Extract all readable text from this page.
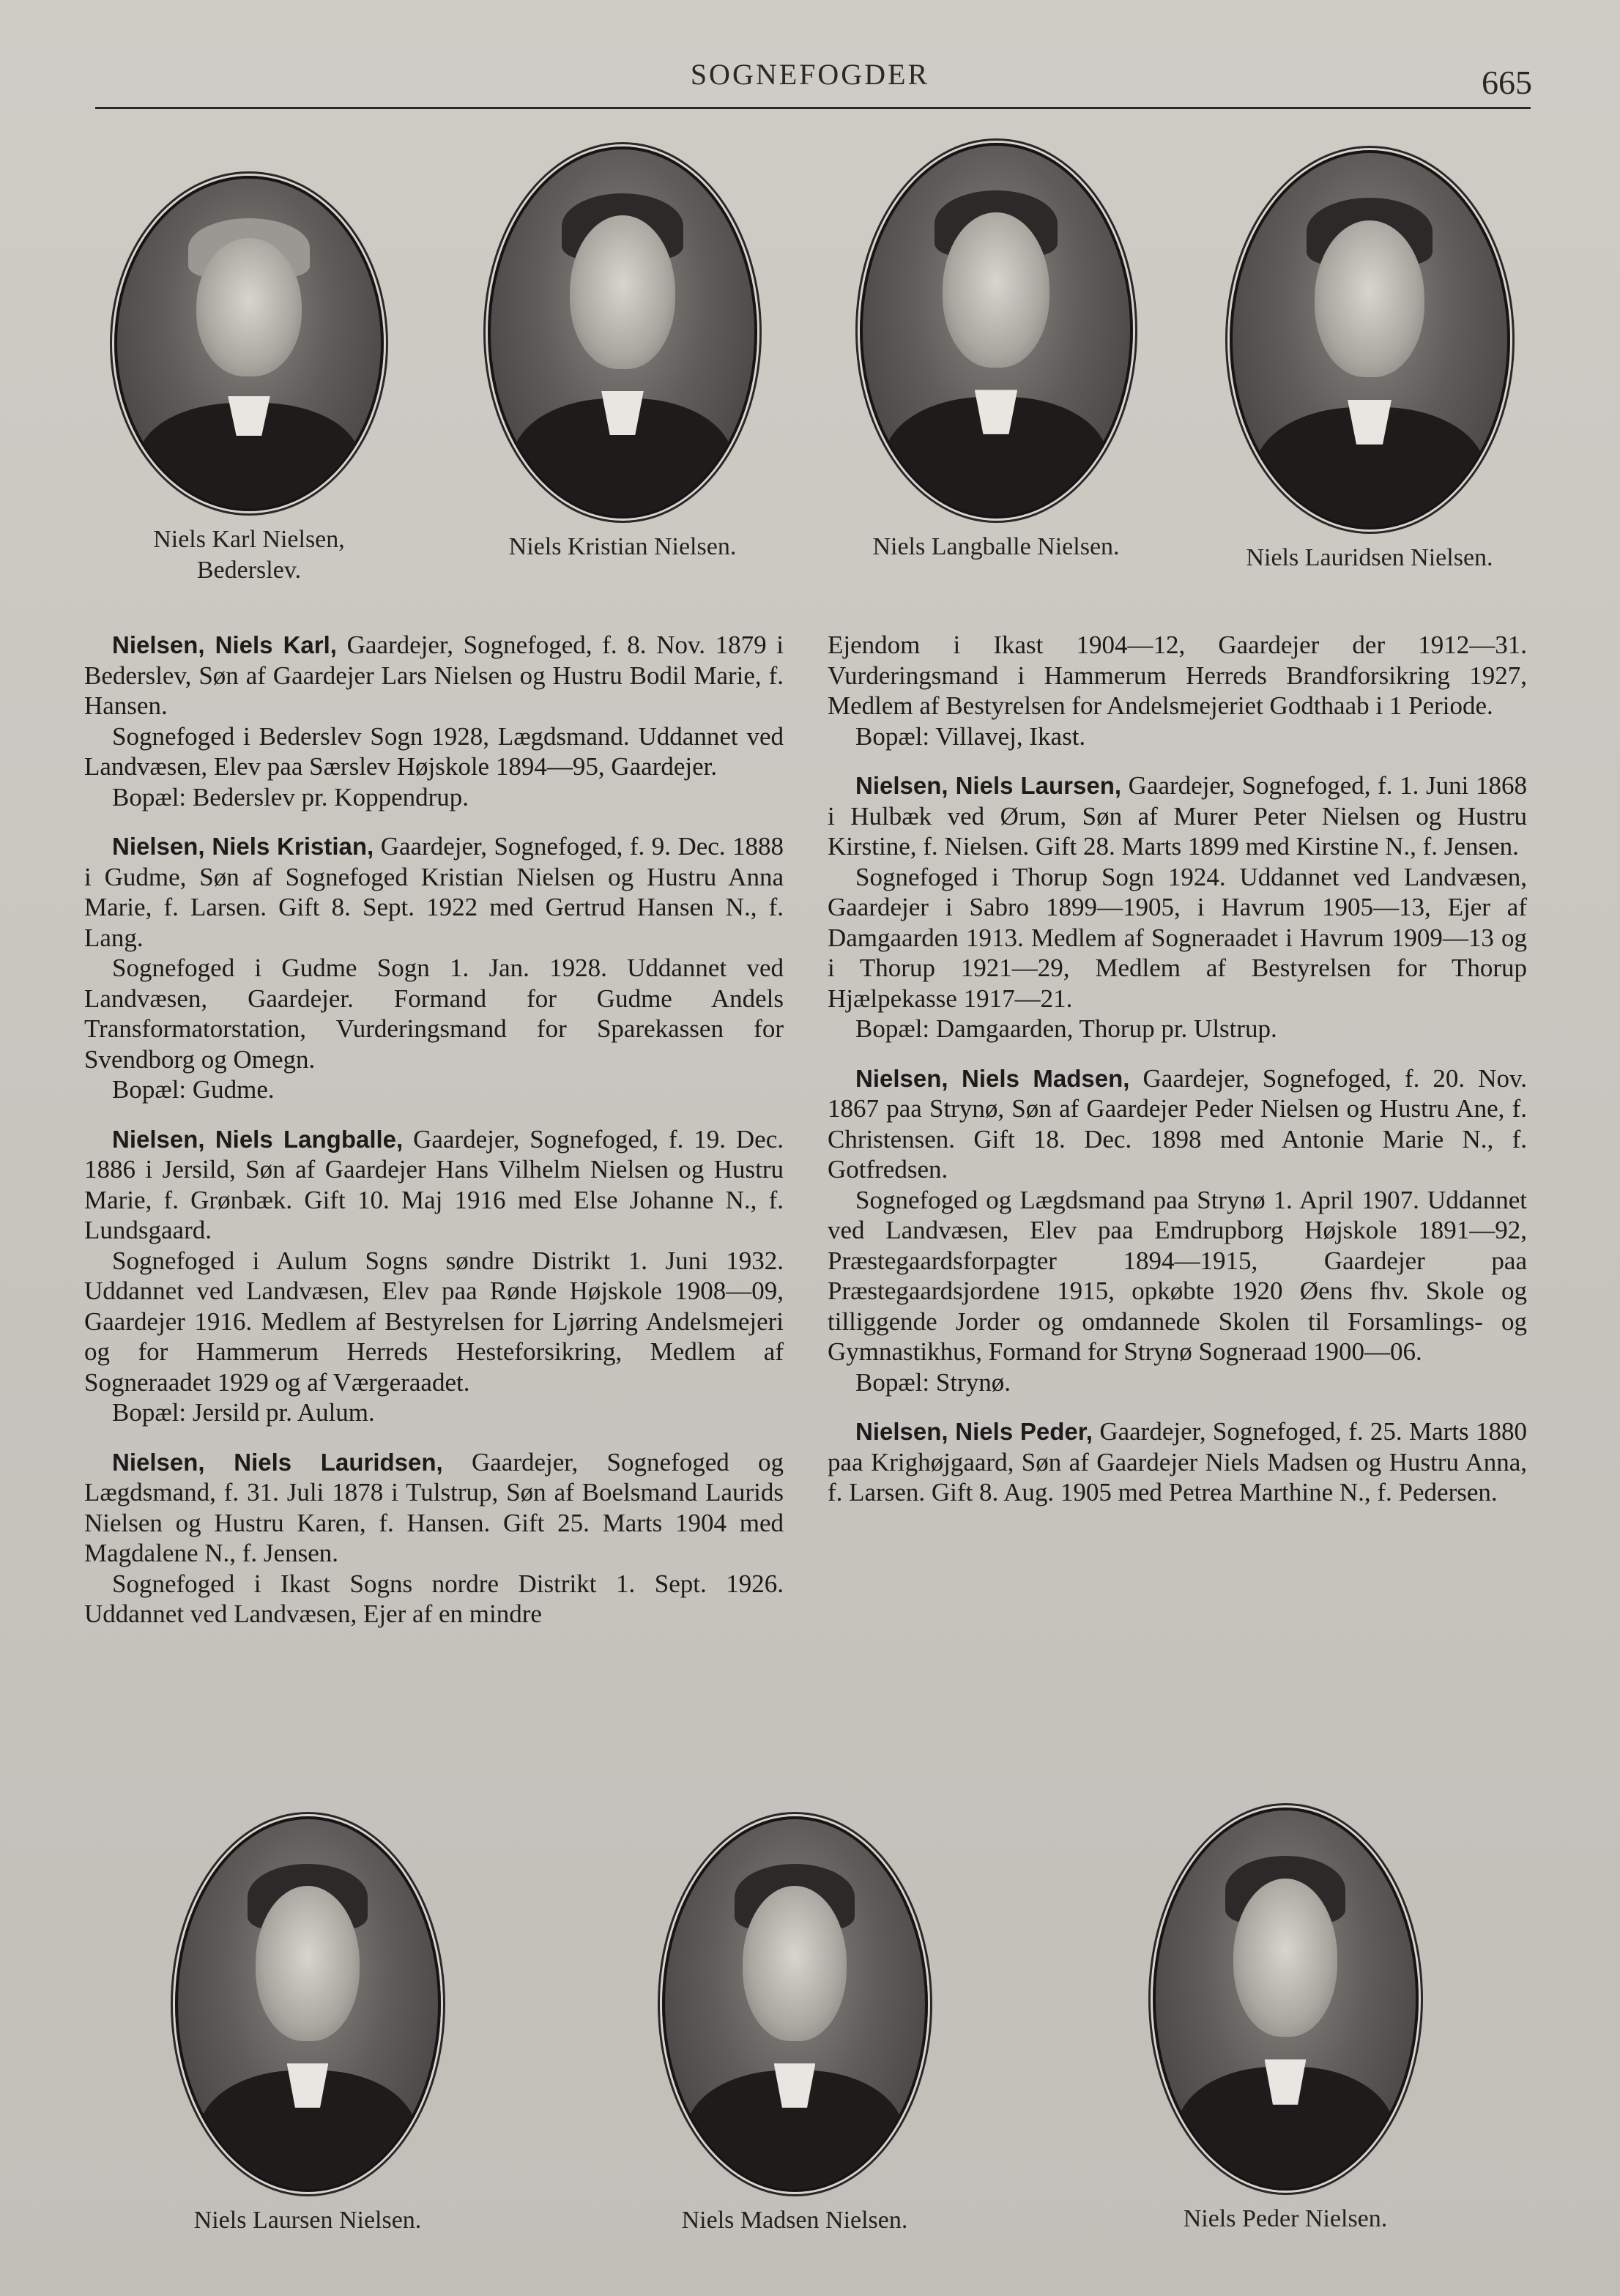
SOGNEFOGDER	665
Niels Karl Nielsen,
Bederslev.
Niels Kristian Nielsen.	Niels Langballe Nielsen.	Niels Lauridsen Nielsen.

Nielsen, Niels Karl, Gaardejer, Sognefoged, f. 8. Nov. 1879 i Bederslev, Søn af Gaardejer Lars Nielsen og Hustru Bodil Marie, f. Hansen.

Sognefoged i Bederslev Sogn 1928, Lægdsmand. Uddannet ved Landvæsen, Elev paa Særslev Højskole 1894—95, Gaardejer.

Bopæl: Bederslev pr. Koppendrup.

Nielsen, Niels Kristian, Gaardejer, Sognefoged, f. 9. Dec. 1888 i Gudme, Søn af Sognefoged Kristian Nielsen og Hustru Anna Marie, f. Larsen. Gift 8. Sept. 1922 med Gertrud Hansen N., f. Lang.

Sognefoged i Gudme Sogn 1. Jan. 1928. Uddannet ved Landvæsen, Gaardejer. Formand for Gudme Andels Transformatorstation, Vurderingsmand for Sparekassen for Svendborg og Omegn.

Bopæl: Gudme.

Nielsen, Niels Langballe, Gaardejer, Sognefoged, f. 19. Dec. 1886 i Jersild, Søn af Gaardejer Hans Vilhelm Nielsen og Hustru Marie, f. Grønbæk. Gift 10. Maj 1916 med Else Johanne N., f. Lundsgaard.

Sognefoged i Aulum Sogns søndre Distrikt 1. Juni 1932. Uddannet ved Landvæsen, Elev paa Rønde Højskole 1908—09, Gaardejer 1916. Medlem af Bestyrelsen for Ljørring Andelsmejeri og for Hammerum Herreds Hesteforsikring, Medlem af Sogneraadet 1929 og af Værgeraadet.

Bopæl: Jersild pr. Aulum.

Nielsen, Niels Lauridsen, Gaardejer, Sognefoged og Lægdsmand, f. 31. Juli 1878 i Tulstrup, Søn af Boelsmand Laurids Nielsen og Hustru Karen, f. Hansen. Gift 25. Marts 1904 med Magdalene N., f. Jensen.

Sognefoged i Ikast Sogns nordre Distrikt 1. Sept. 1926. Uddannet ved Landvæsen, Ejer af en mindre

Ejendom i Ikast 1904—12, Gaardejer der 1912—31. Vurderingsmand i Hammerum Herreds Brandforsikring 1927, Medlem af Bestyrelsen for Andelsmejeriet Godthaab i 1 Periode.

Bopæl: Villavej, Ikast.

Nielsen, Niels Laursen, Gaardejer, Sognefoged, f. 1. Juni 1868 i Hulbæk ved Ørum, Søn af Murer Peter Nielsen og Hustru Kirstine, f. Nielsen. Gift 28. Marts 1899 med Kirstine N., f. Jensen.

Sognefoged i Thorup Sogn 1924. Uddannet ved Landvæsen, Gaardejer i Sabro 1899—1905, i Havrum 1905—13, Ejer af Damgaarden 1913. Medlem af Sogneraadet i Havrum 1909—13 og i Thorup 1921—29, Medlem af Bestyrelsen for Thorup Hjælpekasse 1917—21.

Bopæl: Damgaarden, Thorup pr. Ulstrup.

Nielsen, Niels Madsen, Gaardejer, Sognefoged, f. 20. Nov. 1867 paa Strynø, Søn af Gaardejer Peder Nielsen og Hustru Ane, f. Christensen. Gift 18. Dec. 1898 med Antonie Marie N., f. Gotfredsen.

Sognefoged og Lægdsmand paa Strynø 1. April 1907. Uddannet ved Landvæsen, Elev paa Emdrupborg Højskole 1891—92, Præstegaardsforpagter 1894—1915, Gaardejer paa Præstegaardsjordene 1915, opkøbte 1920 Øens fhv. Skole og tilliggende Jorder og omdannede Skolen til Forsamlings- og Gymnastikhus, Formand for Strynø Sogneraad 1900—06.

Bopæl: Strynø.

Nielsen, Niels Peder, Gaardejer, Sognefoged, f. 25. Marts 1880 paa Krighøjgaard, Søn af Gaardejer Niels Madsen og Hustru Anna, f. Larsen. Gift 8. Aug. 1905 med Petrea Marthine N., f. Pedersen.

Niels Laursen Nielsen.	Niels Madsen Nielsen.	Niels Peder Nielsen.
